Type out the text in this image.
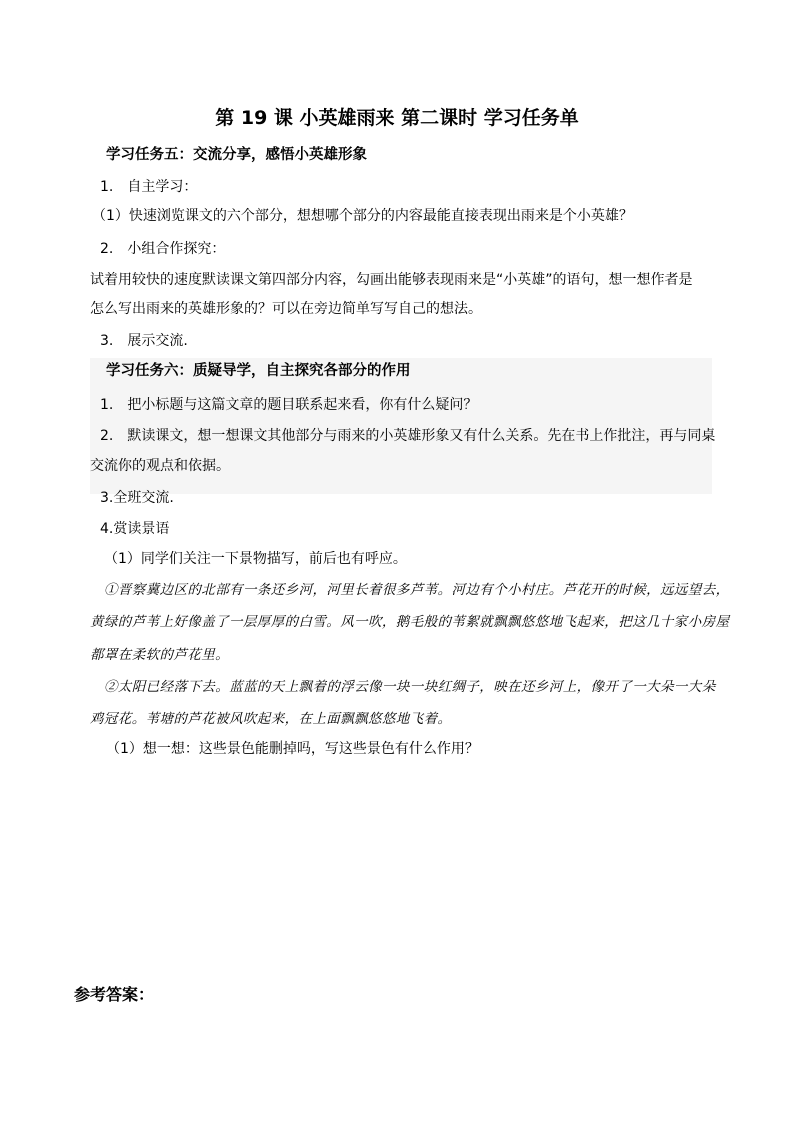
第 19 课 小英雄雨来 第二课时 学习任务单
学习任务五：交流分享，感悟小英雄形象
1.　自主学习：
（1）快速浏览课文的六个部分，想想哪个部分的内容最能直接表现出雨来是个小英雄？
2.　小组合作探究：
试着用较快的速度默读课文第四部分内容，勾画出能够表现雨来是“小英雄”的语句，想一想作者是
怎么写出雨来的英雄形象的？可以在旁边简单写写自己的想法。
3.　展示交流.
学习任务六：质疑导学，自主探究各部分的作用
1.　把小标题与这篇文章的题目联系起来看，你有什么疑问？
2.　默读课文，想一想课文其他部分与雨来的小英雄形象又有什么关系。先在书上作批注，再与同桌
交流你的观点和依据。
3.全班交流.
4.赏读景语
（1）同学们关注一下景物描写，前后也有呼应。
①晋察冀边区的北部有一条还乡河，河里长着很多芦苇。河边有个小村庄。芦花开的时候，远远望去，
黄绿的芦苇上好像盖了一层厚厚的白雪。风一吹，鹅毛般的苇絮就飘飘悠悠地飞起来，把这几十家小房屋
都罩在柔软的芦花里。
②太阳已经落下去。蓝蓝的天上飘着的浮云像一块一块红绸子，映在还乡河上，像开了一大朵一大朵
鸡冠花。苇塘的芦花被风吹起来，在上面飘飘悠悠地飞着。
（1）想一想：这些景色能删掉吗，写这些景色有什么作用？
参考答案：
